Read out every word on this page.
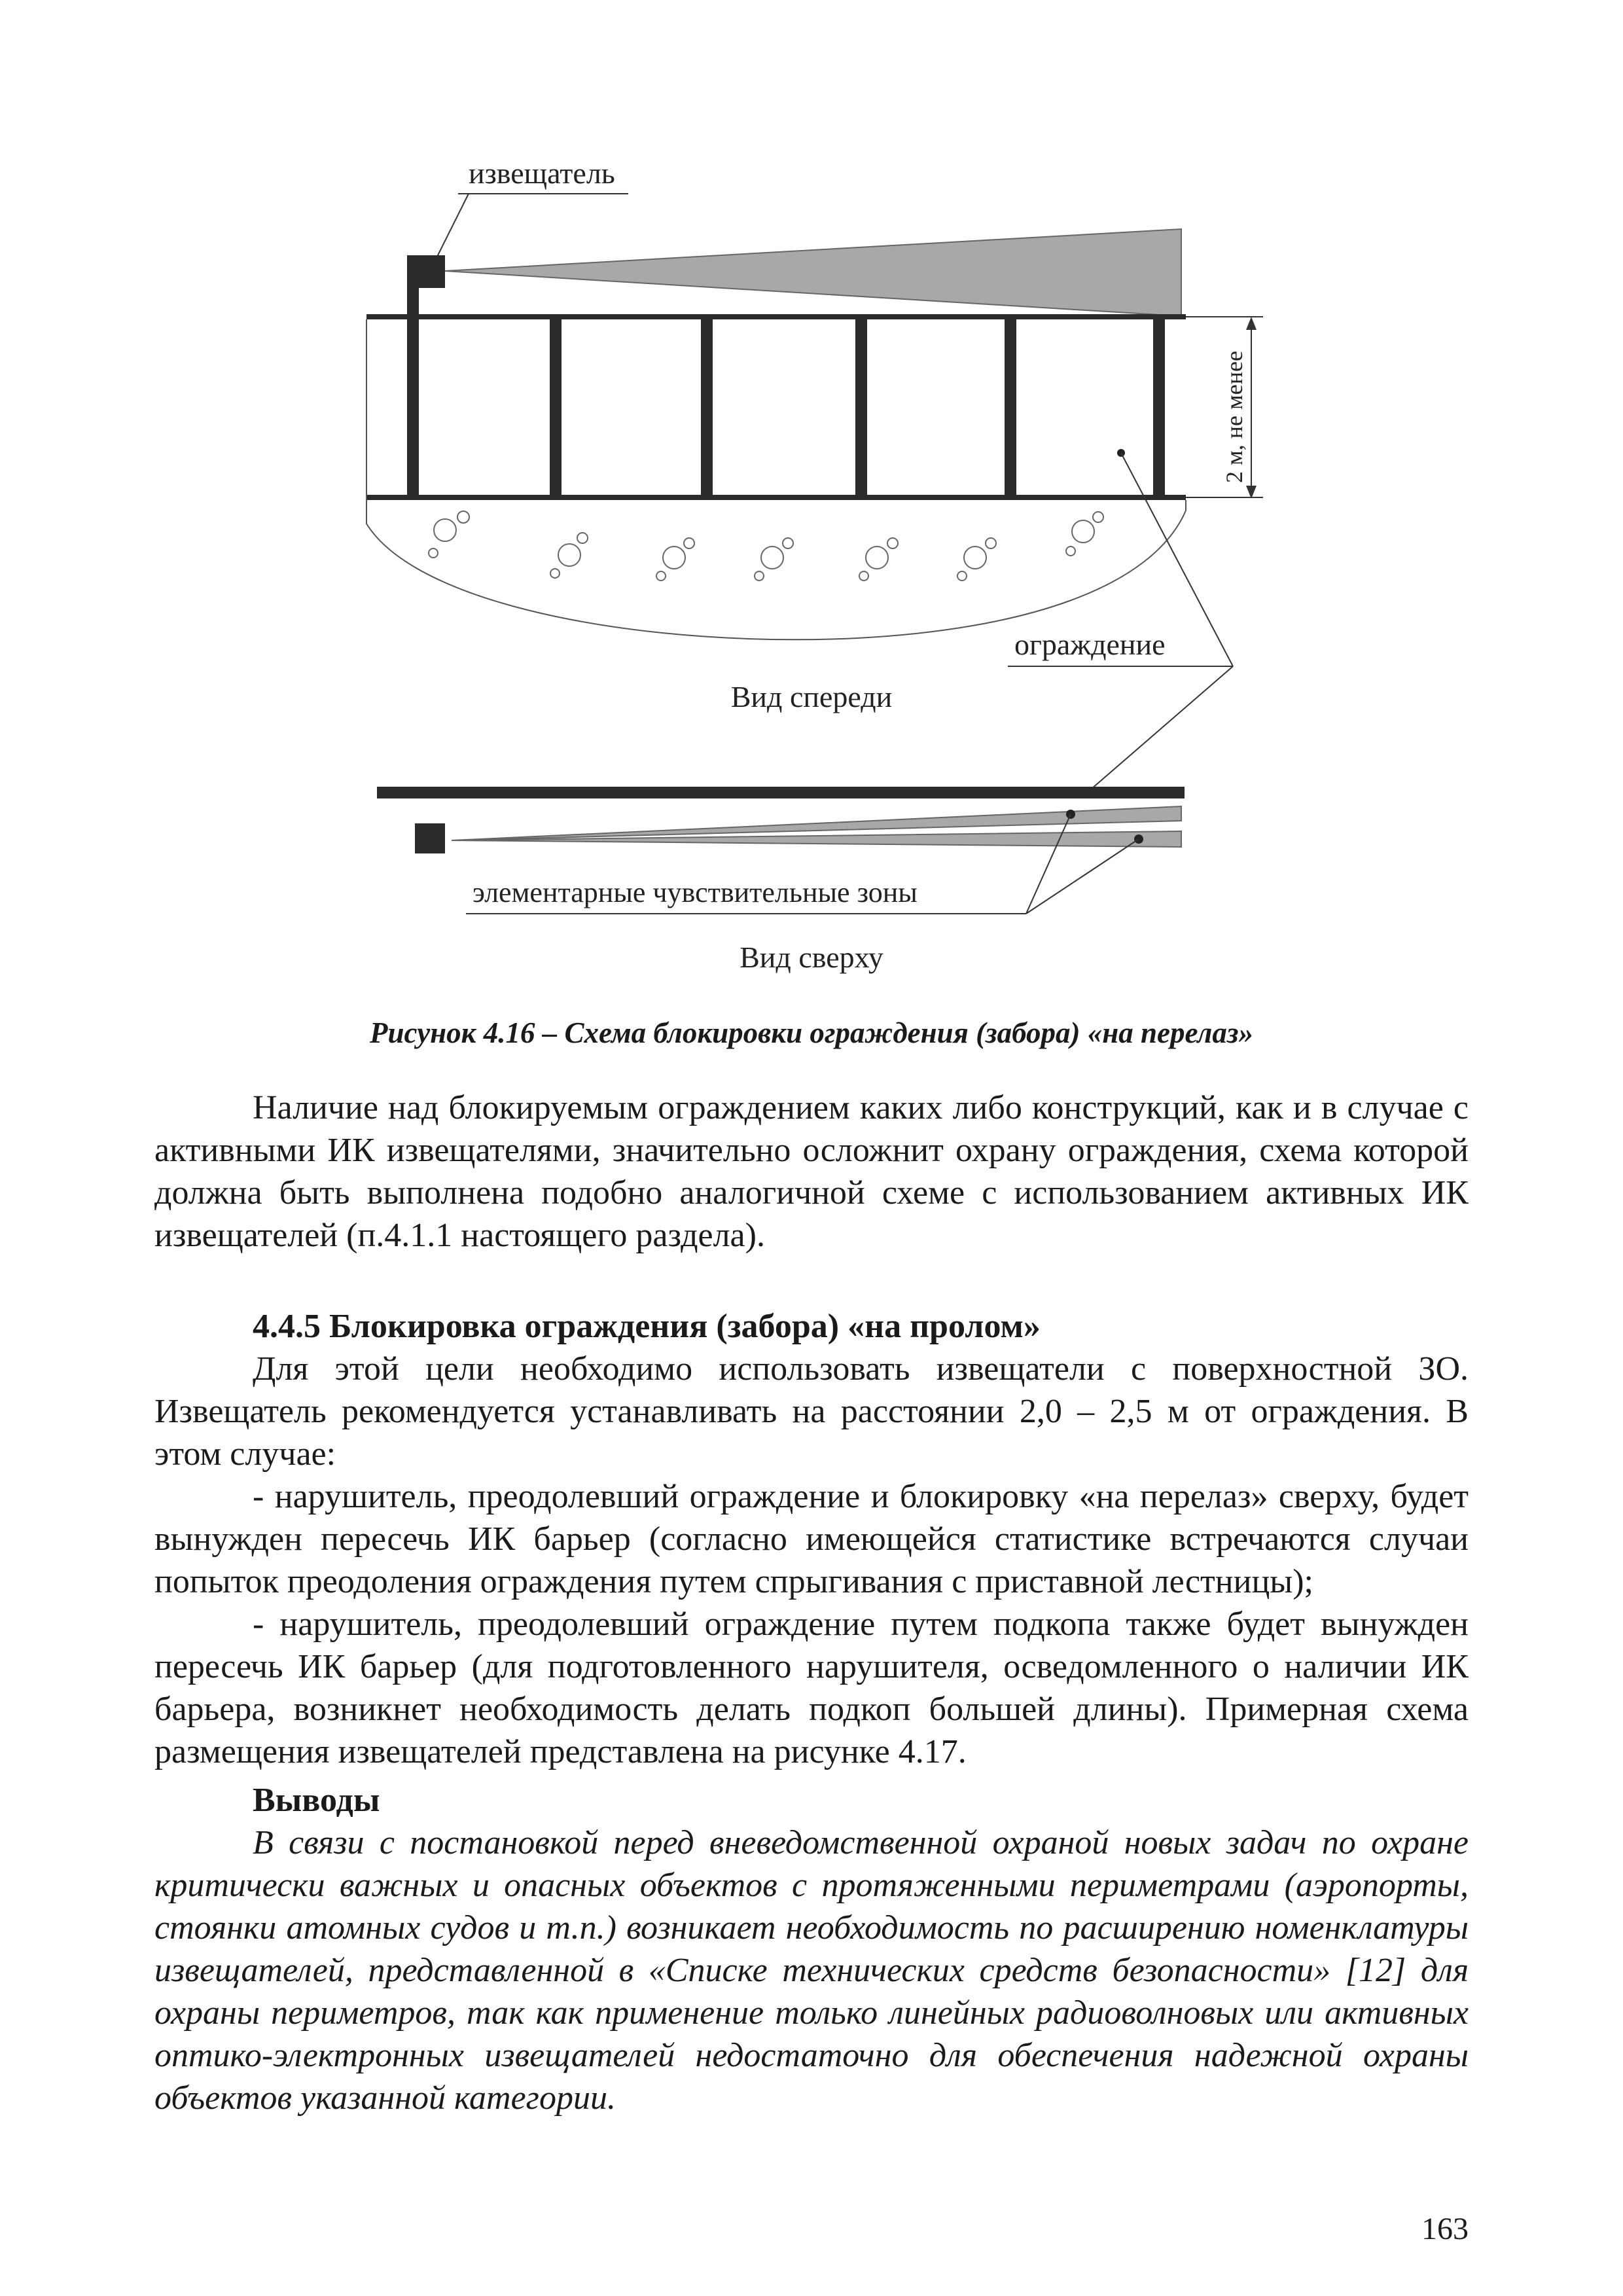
извещатель
2 м, не менее
ограждение
Вид спереди
элементарные чувствительные зоны
Вид сверху

Рисунок 4.16 – Схема блокировки ограждения (забора) «на перелаз»

Наличие над блокируемым ограждением каких либо конструкций, как и в случае с активными ИК извещателями, значительно осложнит охрану ограждения, схема которой должна быть выполнена подобно аналогичной схеме с использованием активных ИК извещателей (п.4.1.1 настоящего раздела).

4.4.5 Блокировка ограждения (забора) «на пролом»

Для этой цели необходимо использовать извещатели с поверхностной ЗО. Извещатель рекомендуется устанавливать на расстоянии 2,0 – 2,5 м от ограждения. В этом случае:

- нарушитель, преодолевший ограждение и блокировку «на перелаз» сверху, будет вынужден пересечь ИК барьер (согласно имеющейся статистике встречаются случаи попыток преодоления ограждения путем спрыгивания с приставной лестницы);

- нарушитель, преодолевший ограждение путем подкопа также будет вынужден пересечь ИК барьер (для подготовленного нарушителя, осведомленного о наличии ИК барьера, возникнет необходимость делать подкоп большей длины). Примерная схема размещения извещателей представлена на рисунке 4.17.

Выводы

В связи с постановкой перед вневедомственной охраной новых задач по охране критически важных и опасных объектов с протяженными периметрами (аэропорты, стоянки атомных судов и т.п.) возникает необходимость по расширению номенклатуры извещателей, представленной в «Списке технических средств безопасности» [12] для охраны периметров, так как применение только линейных радиоволновых или активных оптико-электронных извещателей недостаточно для обеспечения надежной охраны объектов указанной категории.

163
